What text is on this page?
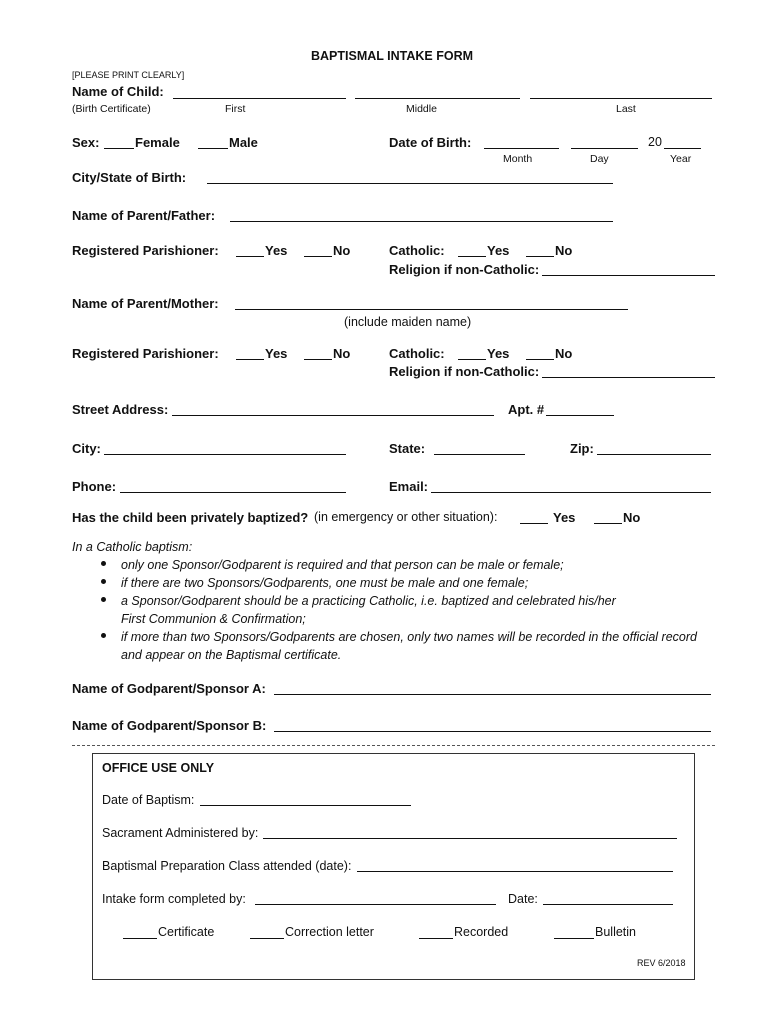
BAPTISMAL INTAKE FORM
[PLEASE PRINT CLEARLY]
Name of Child:
(Birth Certificate)	First	Middle	Last
Sex:	Female	Male	Date of Birth:	20
Month	Day	Year
City/State of Birth:
Name of Parent/Father:
Registered Parishioner:	Yes	No	Catholic:	Yes	No
Religion if non-Catholic:
Name of Parent/Mother:
(include maiden name)
Registered Parishioner:	Yes	No	Catholic:	Yes	No
Religion if non-Catholic:
Street Address:	Apt. #
City:	State:	Zip:
Phone:	Email:
Has the child been privately baptized? (in emergency or other situation):	Yes	No
In a Catholic baptism:
only one Sponsor/Godparent is required and that person can be male or female;
if there are two Sponsors/Godparents, one must be male and one female;
a Sponsor/Godparent should be a practicing Catholic, i.e. baptized and celebrated his/her
First Communion & Confirmation;
if more than two Sponsors/Godparents are chosen, only two names will be recorded in the official record
and appear on the Baptismal certificate.
Name of Godparent/Sponsor A:
Name of Godparent/Sponsor B:
OFFICE USE ONLY
Date of Baptism:
Sacrament Administered by:
Baptismal Preparation Class attended (date):
Intake form completed by:	Date:
Certificate	Correction letter	Recorded	Bulletin
REV 6/2018
